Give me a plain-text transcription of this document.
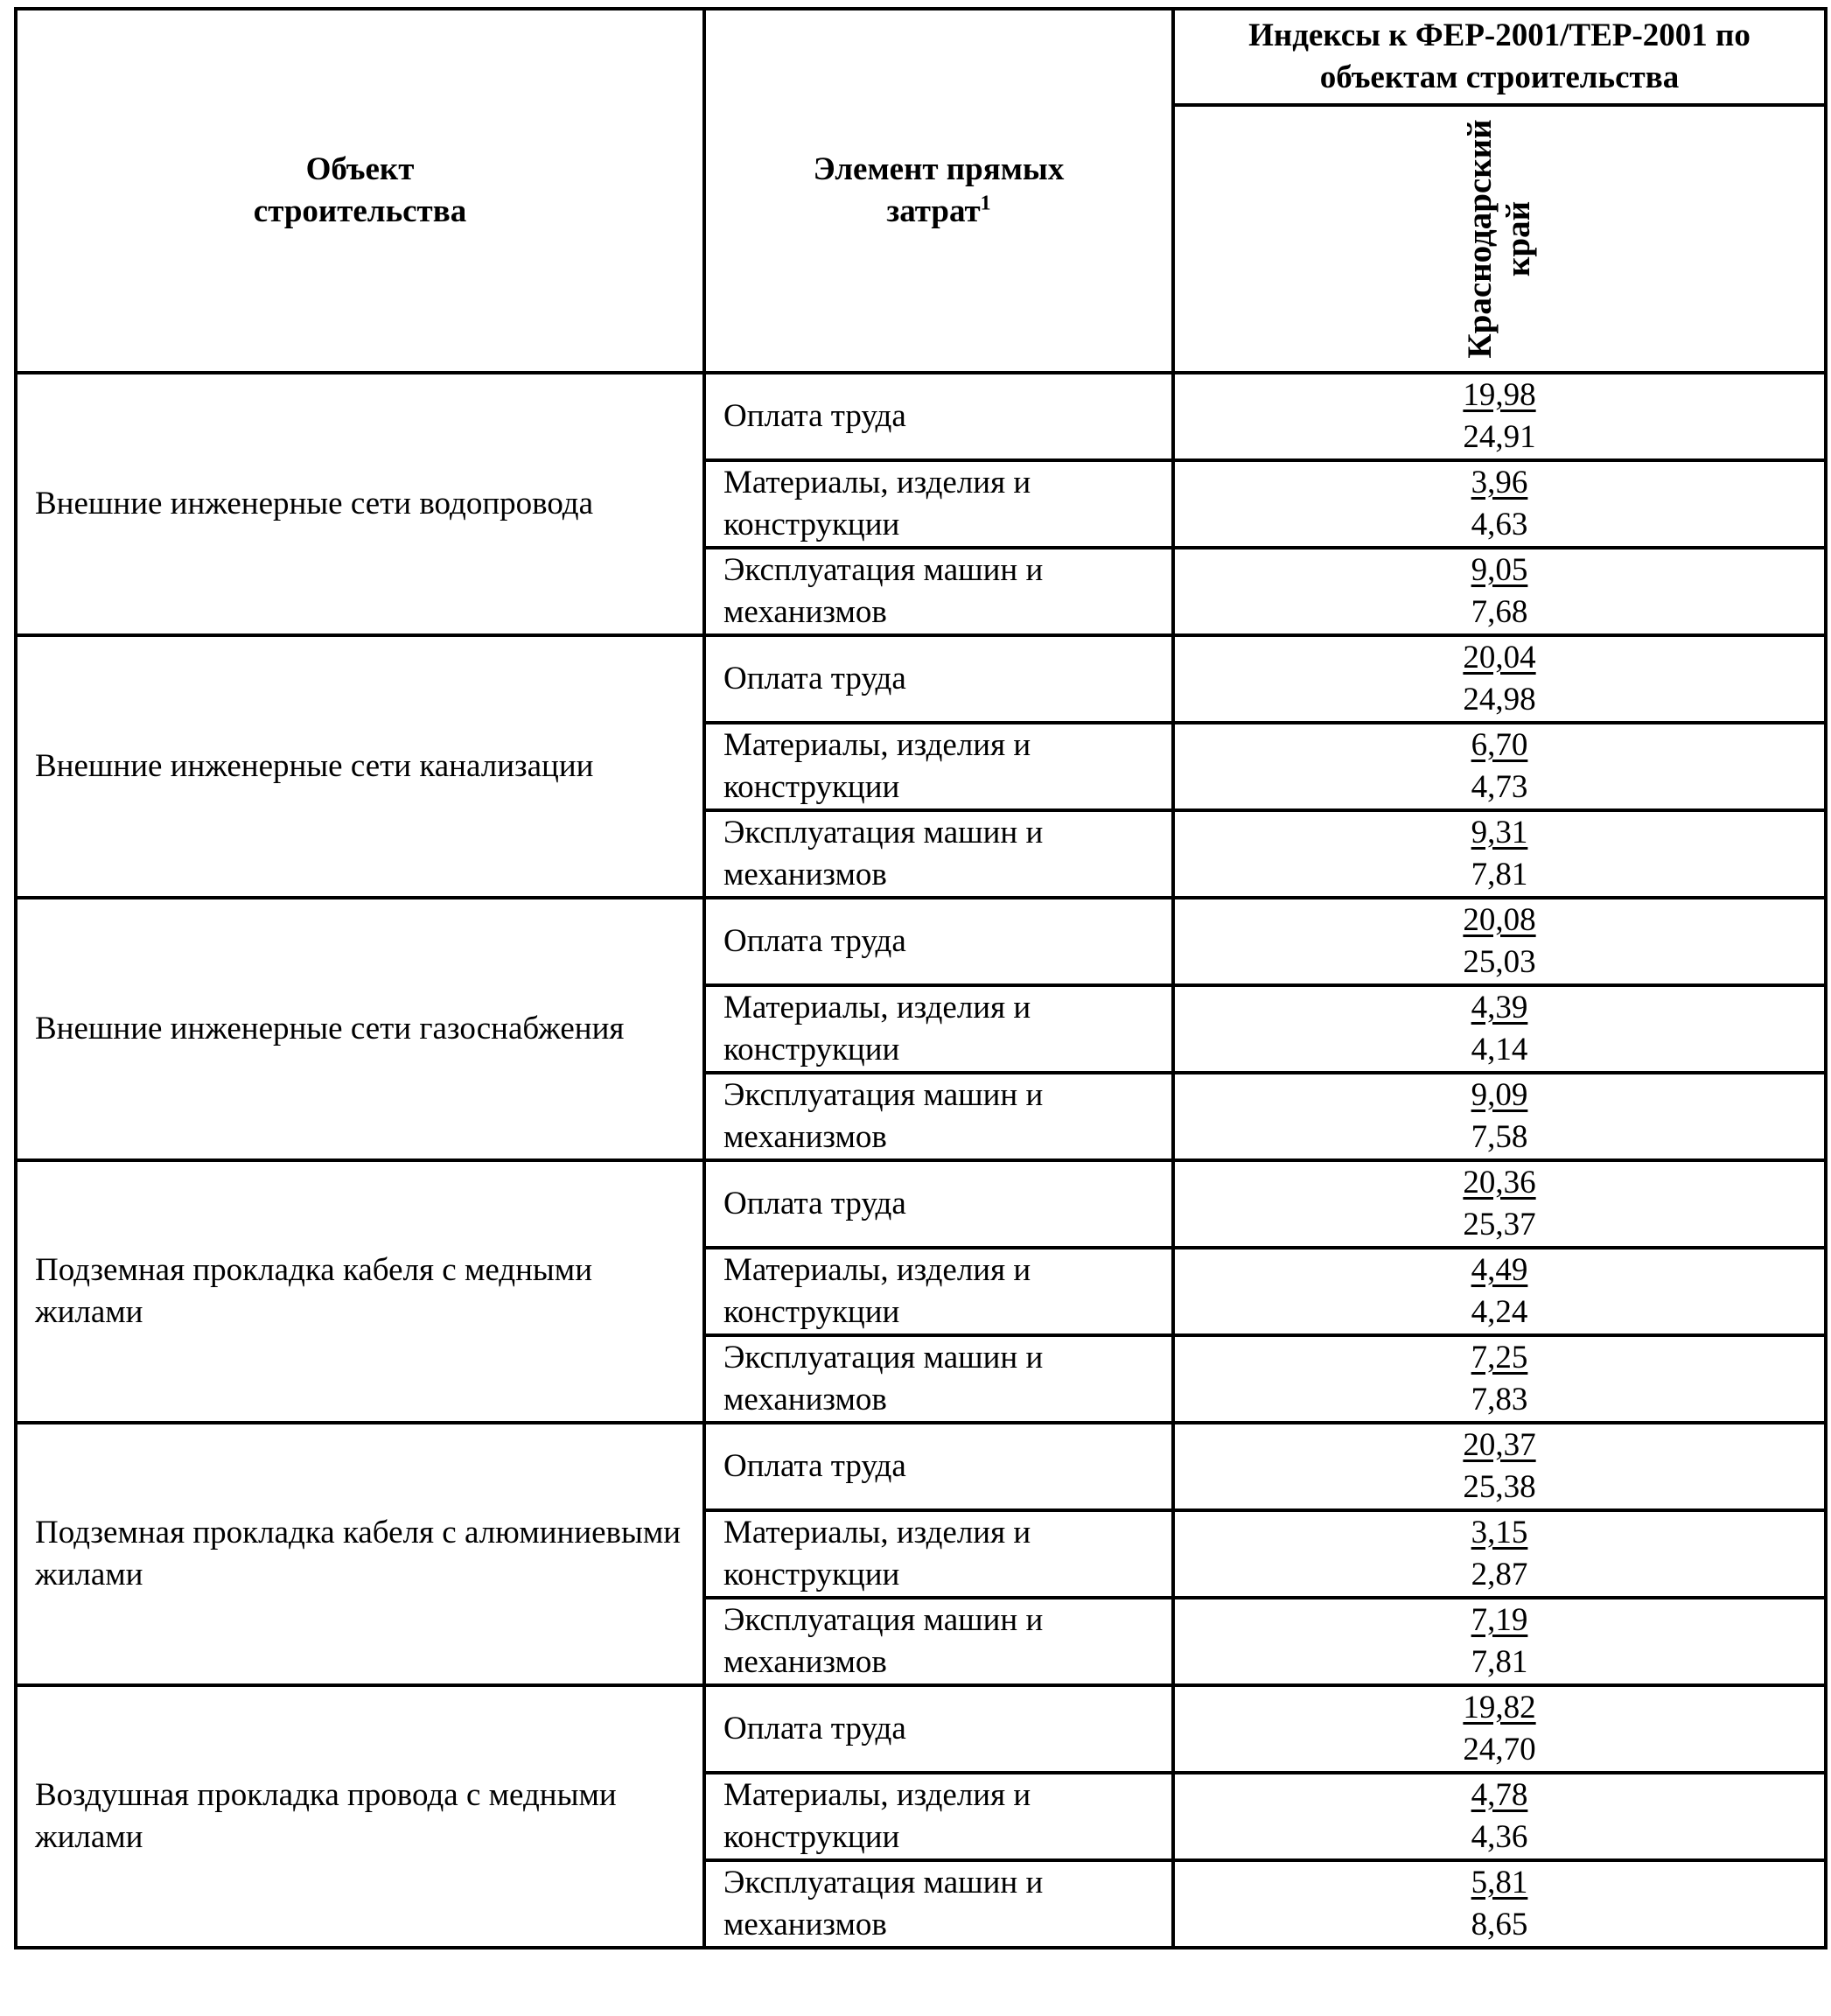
Объект строительства	Элемент прямых затрат$^1$	Индексы к ФЕР-2001/ТЕР-2001 по объектам строительства

		Краснодарский край

Внешние инженерные сети водопровода	Оплата труда	19,98
24,91

	Материалы, изделия и конструкции	3,96
4,63

	Эксплуатация машин и механизмов	9,05
7,68

Внешние инженерные сети канализации	Оплата труда	20,04
24,98

	Материалы, изделия и конструкции	6,70
4,73

	Эксплуатация машин и механизмов	9,31
7,81

Внешние инженерные сети газоснабжения	Оплата труда	20,08
25,03

	Материалы, изделия и конструкции	4,39
4,14

	Эксплуатация машин и механизмов	9,09
7,58

Подземная прокладка кабеля с медными жилами	Оплата труда	20,36
25,37

	Материалы, изделия и конструкции	4,49
4,24

	Эксплуатация машин и механизмов	7,25
7,83

Подземная прокладка кабеля с алюминиевыми жилами	Оплата труда	20,37
25,38

	Материалы, изделия и конструкции	3,15
2,87

	Эксплуатация машин и механизмов	7,19
7,81

Воздушная прокладка провода с медными жилами	Оплата труда	19,82
24,70

	Материалы, изделия и конструкции	4,78
4,36

	Эксплуатация машин и механизмов	5,81
8,65
